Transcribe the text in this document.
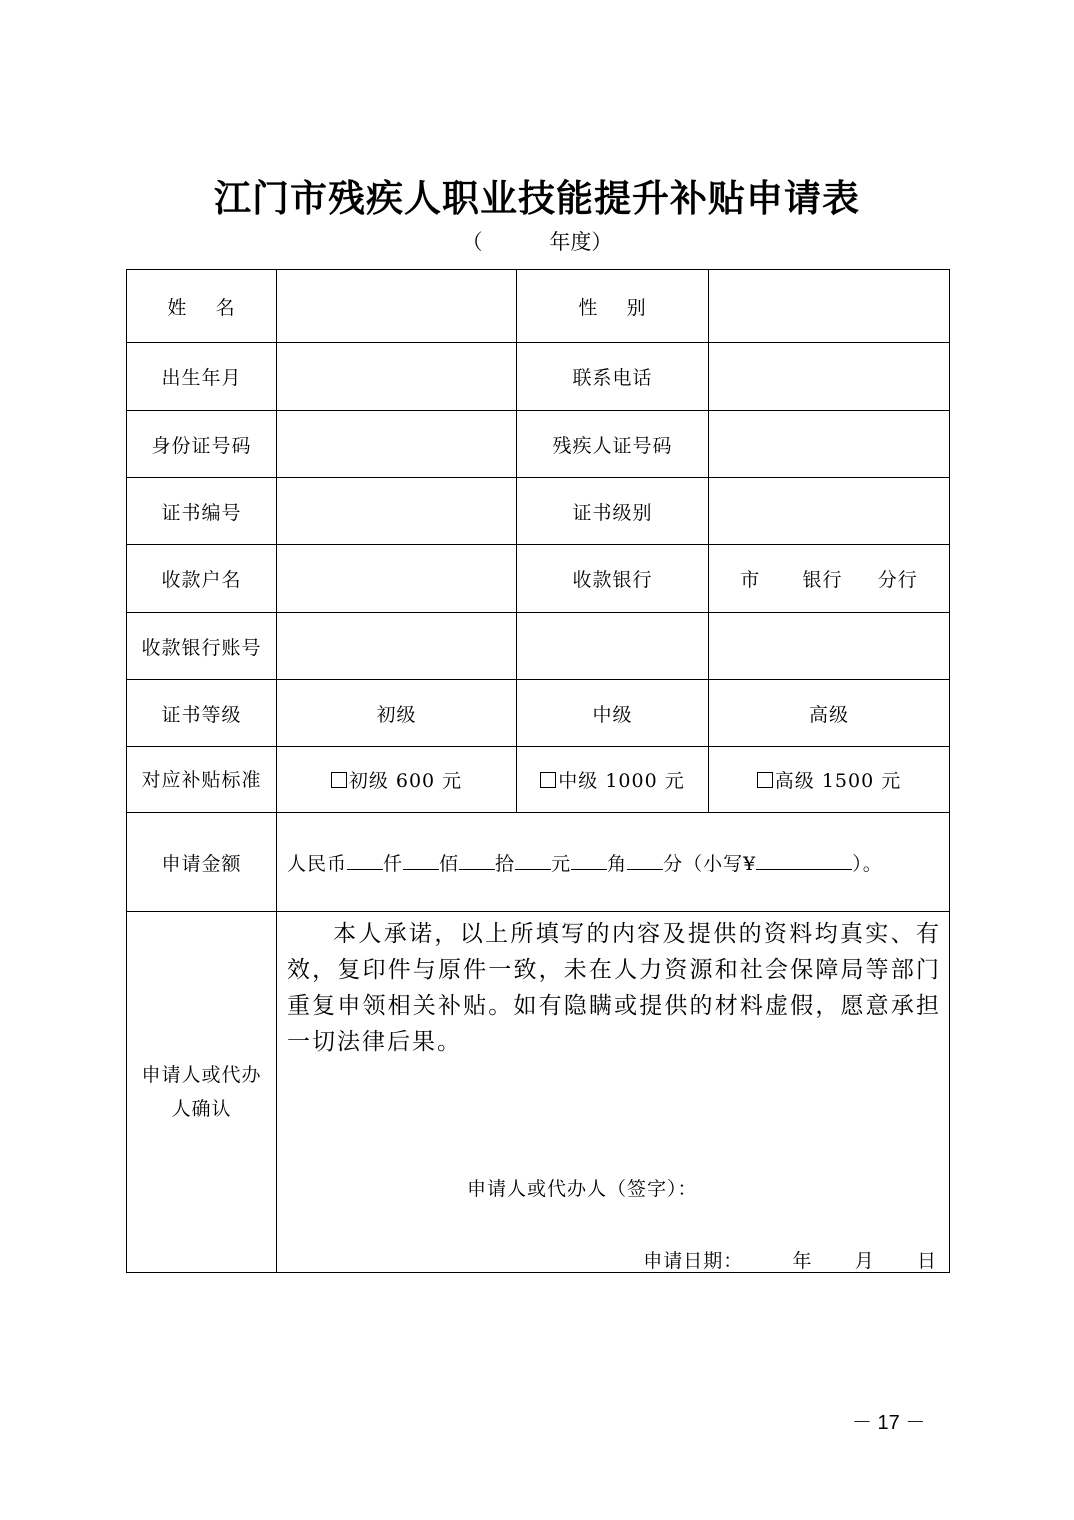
江门市残疾人职业技能提升补贴申请表
（          年度）
姓    名		性    别	
出生年月		联系电话	
身份证号码		残疾人证号码	
证书编号		证书级别	
收款户名		收款银行	市      银行     分行
收款银行账号			
证书等级	初级	中级	高级
对应补贴标准	初级 600 元	中级 1000 元	高级 1500 元
申请金额	人民币 仟 佰 拾 元 角 分（小写¥ ）。		
申请人或代办人确认	本人承诺，以上所填写的内容及提供的资料均真实、有效，复印件与原件一致，未在人力资源和社会保障局等部门重复申领相关补贴。如有隐瞒或提供的材料虚假，愿意承担一切法律后果。

申请人或代办人（签字）：

申请日期：       年      月      日		

－ 17 －
